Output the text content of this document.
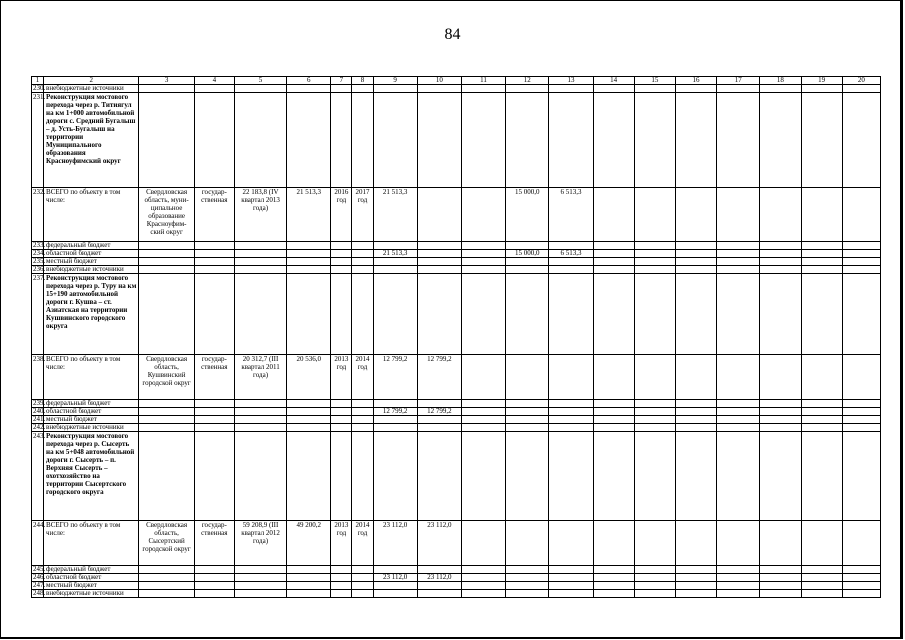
84
1	2	3	4	5	6	7	8	9	10	11	12	13	14	15	16	17	18	19	20
230.	внебюджетные источники																		
231.	Реконструкция мостового перехода через р. Титиягул на км 1+000 автомобильной дороги с. Средний Бугалыш – д. Усть-Бугалыш на территории Муниципального образования Красноуфимский округ																		
232.	ВСЕГО по объекту в том числе:	Свердловская область, муни-ципальное образование Красноуфим-ский округ	государ-ственная	22 183,8 (IV квартал 2013 года)	21 513,3	2016 год	2017 год	21 513,3			15 000,0	6 513,3							
233.	федеральный бюджет																		
234.	областной бюджет							21 513,3			15 000,0	6 513,3							
235.	местный бюджет																		
236.	внебюджетные источники																		
237.	Реконструкция мостового перехода через р. Туру на км 15+190 автомобильной дороги г. Кушва – ст. Азиатская на территории Кушвинского городского округа																		
238.	ВСЕГО по объекту в том числе:	Свердловская область, Кушвинский городской округ	государ-ственная	20 312,7 (III квартал 2011 года)	20 536,0	2013 год	2014 год	12 799,2	12 799,2										
239.	федеральный бюджет																		
240.	областной бюджет							12 799,2	12 799,2										
241.	местный бюджет																		
242.	внебюджетные источники																		
243.	Реконструкция мостового перехода через р. Сысерть на км 5+048 автомобильной дороги г. Сысерть – п. Верхняя Сысерть – охотхозяйство на территории Сысертского городского округа																		
244.	ВСЕГО по объекту в том числе:	Свердловская область, Сысертский городской округ	государ-ственная	59 208,9 (III квартал 2012 года)	49 200,2	2013 год	2014 год	23 112,0	23 112,0										
245.	федеральный бюджет																		
246.	областной бюджет							23 112,0	23 112,0										
247.	местный бюджет																		
248.	внебюджетные источники																		
